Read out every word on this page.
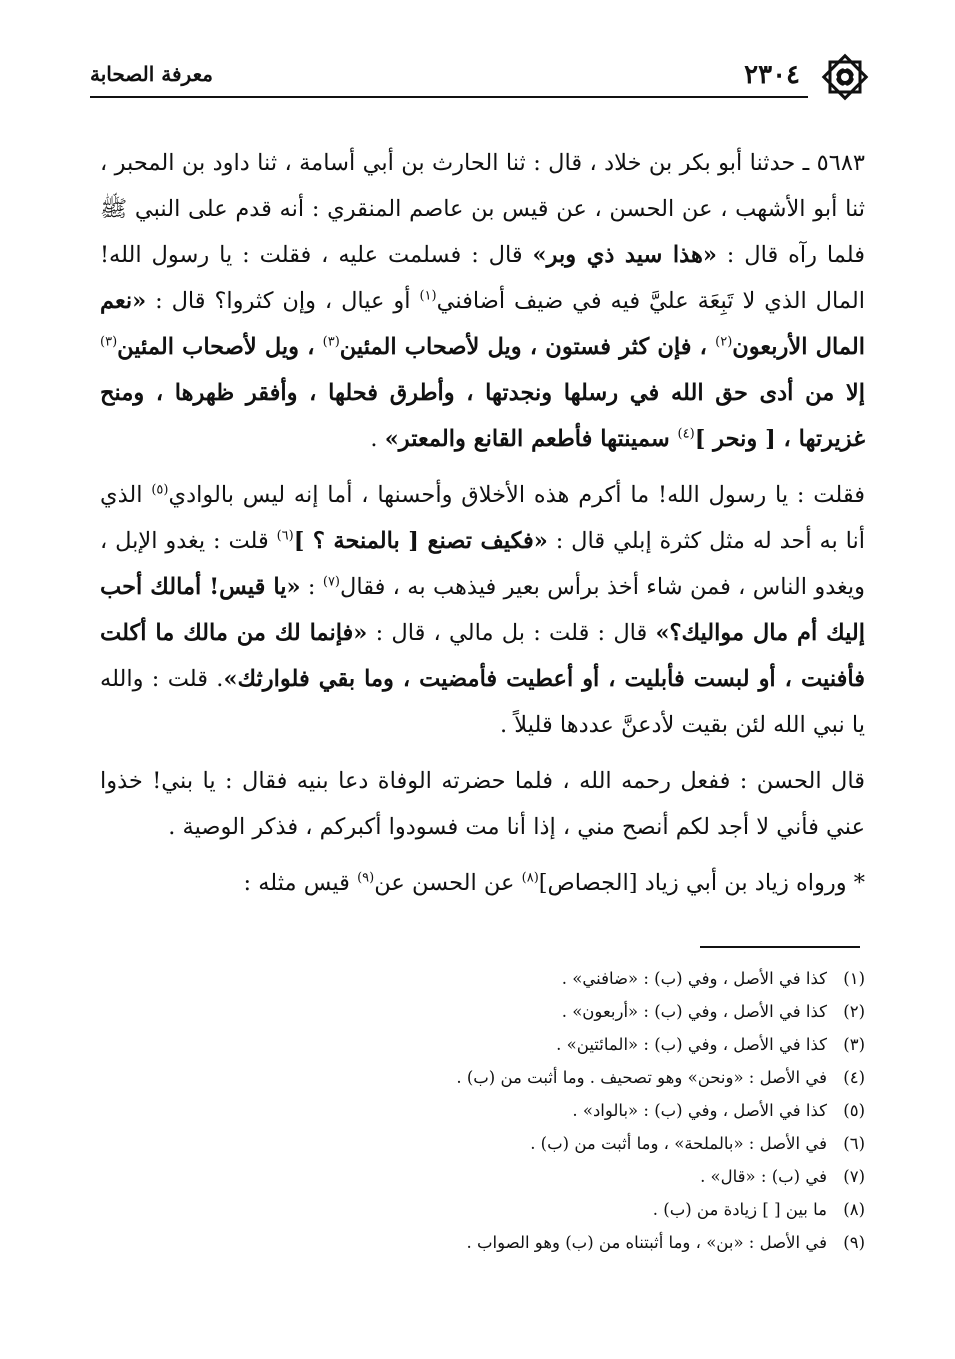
٢٣٠٤
معرفة الصحابة

٥٦٨٣ ـ حدثنا أبو بكر بن خلاد ، قال : ثنا الحارث بن أبي أسامة ، ثنا داود بن المحبر ، ثنا أبو الأشهب ، عن الحسن ، عن قيس بن عاصم المنقري : أنه قدم على النبي ﷺ فلما رآه قال : «هذا سيد ذي وبر» قال : فسلمت عليه ، فقلت : يا رسول الله! المال الذي لا تَبِعَة عليَّ فيه في ضيف أضافني$^{(١)}$ أو عيال ، وإن كثروا؟ قال : «نعم المال الأربعون$^{(٢)}$ ، فإن كثر فستون ، ويل لأصحاب المئين$^{(٣)}$ ، ويل لأصحاب المئين$^{(٣)}$ إلا من أدى حق الله في رسلها ونجدتها ، وأطرق فحلها ، وأفقر ظهرها ، ومنح غزيرتها ، [ ونحر ]$^{(٤)}$ سمينتها فأطعم القانع والمعتر» .

فقلت : يا رسول الله! ما أكرم هذه الأخلاق وأحسنها ، أما إنه ليس بالوادي$^{(٥)}$ الذي أنا به أحد له مثل كثرة إبلي قال : «فكيف تصنع [ بالمنحة ؟ ]$^{(٦)}$ قلت : يغدو الإبل ، ويغدو الناس ، فمن شاء أخذ برأس بعير فيذهب به ، فقال$^{(٧)}$ : «يا قيس! أمالك أحب إليك أم مال مواليك؟» قال : قلت : بل مالي ، قال : «فإنما لك من مالك ما أكلت فأفنيت ، أو لبست فأبليت ، أو أعطيت فأمضيت ، وما بقي فلوارثك». قلت : والله يا نبي الله لئن بقيت لأدعنَّ عددها قليلاً .

قال الحسن : ففعل رحمه الله ، فلما حضرته الوفاة دعا بنيه فقال : يا بني! خذوا عني فأني لا أجد لكم أنصح مني ، إذا أنا مت فسودوا أكبركم ، فذكر الوصية .

* ورواه زياد بن أبي زياد [الجصاص]$^{(٨)}$ عن الحسن عن$^{(٩)}$ قيس مثله :

(١)كذا في الأصل ، وفي (ب) : «ضافني» .
(٢)كذا في الأصل ، وفي (ب) : «أربعون» .
(٣)كذا في الأصل ، وفي (ب) : «المائتين» .
(٤)في الأصل : «ونحن» وهو تصحيف . وما أثبت من (ب) .
(٥)كذا في الأصل ، وفي (ب) : «بالواد» .
(٦)في الأصل : «بالملحة» ، وما أثبت من (ب) .
(٧)في (ب) : «قال» .
(٨)ما بين [ ] زيادة من (ب) .
(٩)في الأصل : «بن» ، وما أثبتناه من (ب) وهو الصواب .
